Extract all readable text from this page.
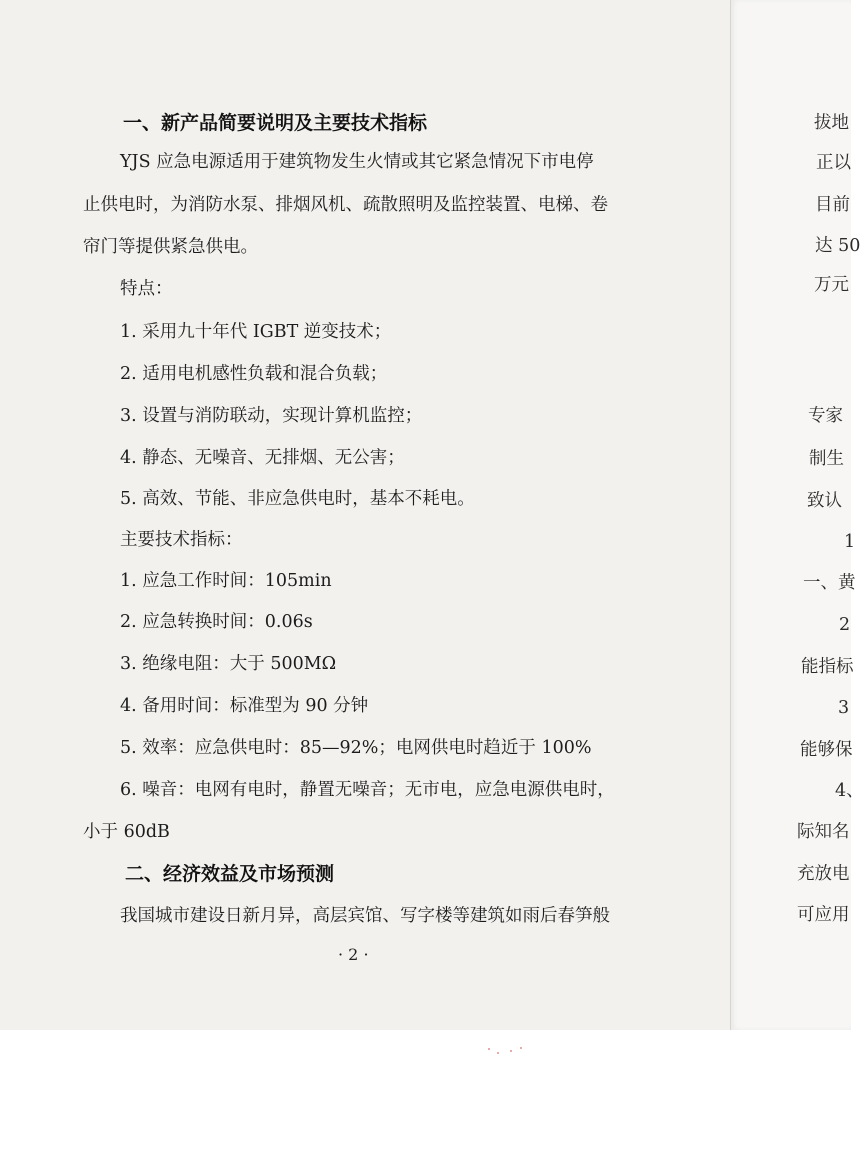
拔地
正以
目前
达 50
万元
专家
制生
致认
1
一、黄
2
能指标
3
能够保
4、
际知名
充放电
可应用
一、新产品简要说明及主要技术指标
YJS 应急电源适用于建筑物发生火情或其它紧急情况下市电停
止供电时，为消防水泵、排烟风机、疏散照明及监控装置、电梯、卷
帘门等提供紧急供电。
特点：
1. 采用九十年代 IGBT 逆变技术；
2. 适用电机感性负载和混合负载；
3. 设置与消防联动，实现计算机监控；
4. 静态、无噪音、无排烟、无公害；
5. 高效、节能、非应急供电时，基本不耗电。
主要技术指标：
1. 应急工作时间：105min
2. 应急转换时间：0.06s
3. 绝缘电阻：大于 500MΩ
4. 备用时间：标准型为 90 分钟
5. 效率：应急供电时：85—92%；电网供电时趋近于 100%
6. 噪音：电网有电时，静置无噪音；无市电，应急电源供电时，
小于 60dB
二、经济效益及市场预测
我国城市建设日新月异，高层宾馆、写字楼等建筑如雨后春笋般
· 2 ·
